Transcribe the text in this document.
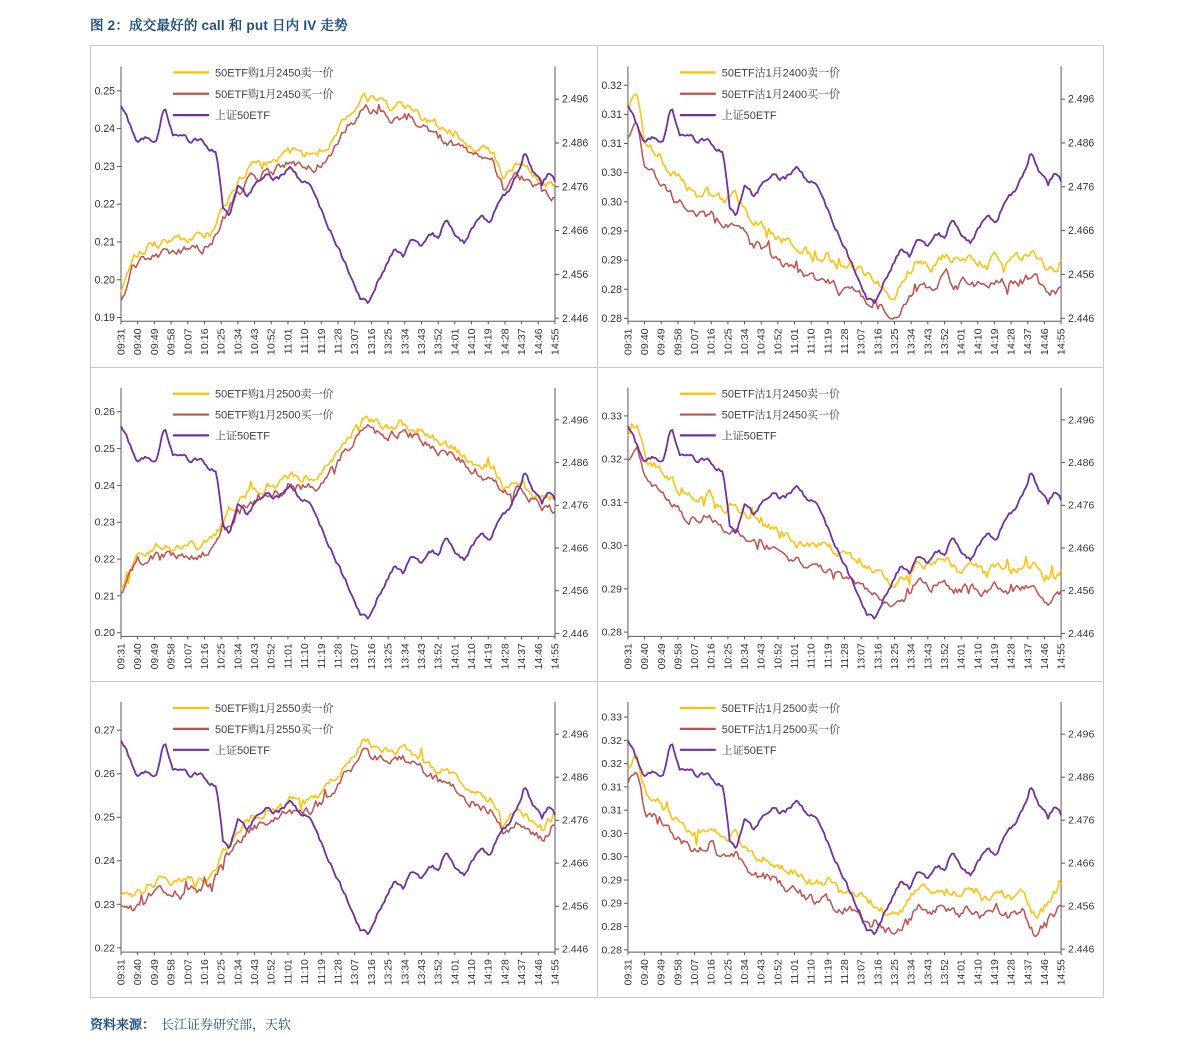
图 2：成交最好的 call 和 put 日内 IV 走势
0.19
0.20
0.21
0.22
0.23
0.24
0.25
2.446
2.456
2.466
2.476
2.486
2.496
09:31 09:40 09:49 09:58 10:07 10:16 10:25 10:34 10:43 10:52 11:01 11:10 11:19 11:28 13:07 13:16 13:25 13:34 13:43 13:52 14:01 14:10 14:19 14:28 14:37 14:46 14:55
50ETF购1月2450卖一价
50ETF购1月2450买一价
上证50ETF
0.28
0.28
0.29
0.29
0.30
0.30
0.31
0.31
0.32
2.446
2.456
2.466
2.476
2.486
2.496
09:31 09:40 09:49 09:58 10:07 10:16 10:25 10:34 10:43 10:52 11:01 11:10 11:19 11:28 13:07 13:16 13:25 13:34 13:43 13:52 14:01 14:10 14:19 14:28 14:37 14:46 14:55
50ETF沽1月2400卖一价
50ETF沽1月2400买一价
上证50ETF
0.20
0.21
0.22
0.23
0.24
0.25
0.26
2.446
2.456
2.466
2.476
2.486
2.496
09:31 09:40 09:49 09:58 10:07 10:16 10:25 10:34 10:43 10:52 11:01 11:10 11:19 11:28 13:07 13:16 13:25 13:34 13:43 13:52 14:01 14:10 14:19 14:28 14:37 14:46 14:55
50ETF购1月2500卖一价
50ETF购1月2500买一价
上证50ETF
0.28
0.29
0.30
0.31
0.32
0.33
2.446
2.456
2.466
2.476
2.486
2.496
09:31 09:40 09:49 09:58 10:07 10:16 10:25 10:34 10:43 10:52 11:01 11:10 11:19 11:28 13:07 13:16 13:25 13:34 13:43 13:52 14:01 14:10 14:19 14:28 14:37 14:46 14:55
50ETF沽1月2450卖一价
50ETF沽1月2450买一价
上证50ETF
0.22
0.23
0.24
0.25
0.26
0.27
2.446
2.456
2.466
2.476
2.486
2.496
09:31 09:40 09:49 09:58 10:07 10:16 10:25 10:34 10:43 10:52 11:01 11:10 11:19 11:28 13:07 13:16 13:25 13:34 13:43 13:52 14:01 14:10 14:19 14:28 14:37 14:46 14:55
50ETF购1月2550卖一价
50ETF购1月2550买一价
上证50ETF
0.28
0.28
0.29
0.29
0.30
0.30
0.31
0.31
0.32
0.32
0.33
2.446
2.456
2.466
2.476
2.486
2.496
09:31 09:40 09:49 09:58 10:07 10:16 10:25 10:34 10:43 10:52 11:01 11:10 11:19 11:28 13:07 13:16 13:25 13:34 13:43 13:52 14:01 14:10 14:19 14:28 14:37 14:46 14:55
50ETF沽1月2500卖一价
50ETF沽1月2500买一价
上证50ETF
资料来源： 长江证券研究部，天软
